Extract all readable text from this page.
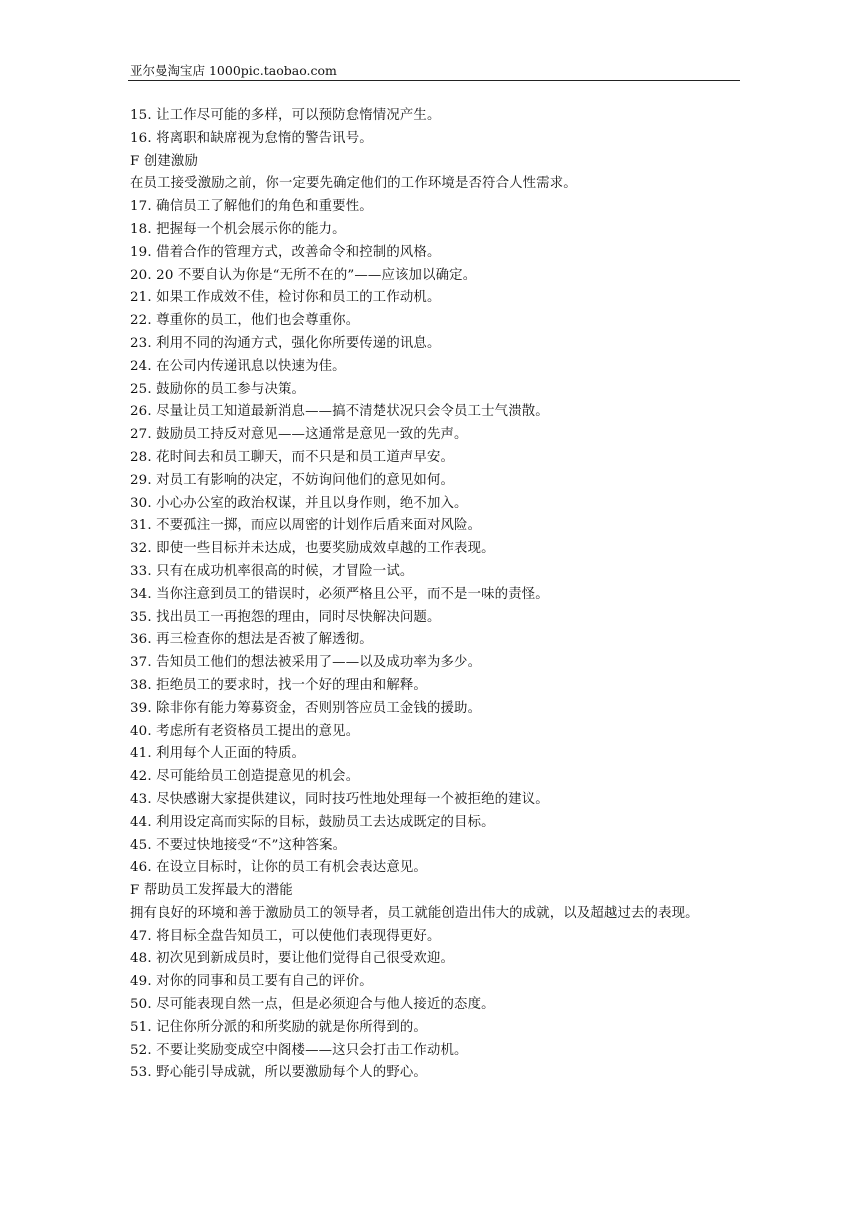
亚尔曼淘宝店 1000pic.taobao.com
15. 让工作尽可能的多样，可以预防怠惰情况产生。
16. 将离职和缺席视为怠惰的警告讯号。
F 创建激励
在员工接受激励之前，你一定要先确定他们的工作环境是否符合人性需求。
17. 确信员工了解他们的角色和重要性。
18. 把握每一个机会展示你的能力。
19. 借着合作的管理方式，改善命令和控制的风格。
20. 20 不要自认为你是“无所不在的”——应该加以确定。
21. 如果工作成效不佳，检讨你和员工的工作动机。
22. 尊重你的员工，他们也会尊重你。
23. 利用不同的沟通方式，强化你所要传递的讯息。
24. 在公司内传递讯息以快速为佳。
25. 鼓励你的员工参与决策。
26. 尽量让员工知道最新消息——搞不清楚状况只会令员工士气溃散。
27. 鼓励员工持反对意见——这通常是意见一致的先声。
28. 花时间去和员工聊天，而不只是和员工道声早安。
29. 对员工有影响的决定，不妨询问他们的意见如何。
30. 小心办公室的政治权谋，并且以身作则，绝不加入。
31. 不要孤注一掷，而应以周密的计划作后盾来面对风险。
32. 即使一些目标并未达成，也要奖励成效卓越的工作表现。
33. 只有在成功机率很高的时候，才冒险一试。
34. 当你注意到员工的错误时，必须严格且公平，而不是一味的责怪。
35. 找出员工一再抱怨的理由，同时尽快解决问题。
36. 再三检查你的想法是否被了解透彻。
37. 告知员工他们的想法被采用了——以及成功率为多少。
38. 拒绝员工的要求时，找一个好的理由和解释。
39. 除非你有能力筹募资金，否则别答应员工金钱的援助。
40. 考虑所有老资格员工提出的意见。
41. 利用每个人正面的特质。
42. 尽可能给员工创造提意见的机会。
43. 尽快感谢大家提供建议，同时技巧性地处理每一个被拒绝的建议。
44. 利用设定高而实际的目标，鼓励员工去达成既定的目标。
45. 不要过快地接受“不”这种答案。
46. 在设立目标时，让你的员工有机会表达意见。
F 帮助员工发挥最大的潜能
拥有良好的环境和善于激励员工的领导者，员工就能创造出伟大的成就，以及超越过去的表现。
47. 将目标全盘告知员工，可以使他们表现得更好。
48. 初次见到新成员时，要让他们觉得自己很受欢迎。
49. 对你的同事和员工要有自己的评价。
50. 尽可能表现自然一点，但是必须迎合与他人接近的态度。
51. 记住你所分派的和所奖励的就是你所得到的。
52. 不要让奖励变成空中阁楼——这只会打击工作动机。
53. 野心能引导成就，所以要激励每个人的野心。
